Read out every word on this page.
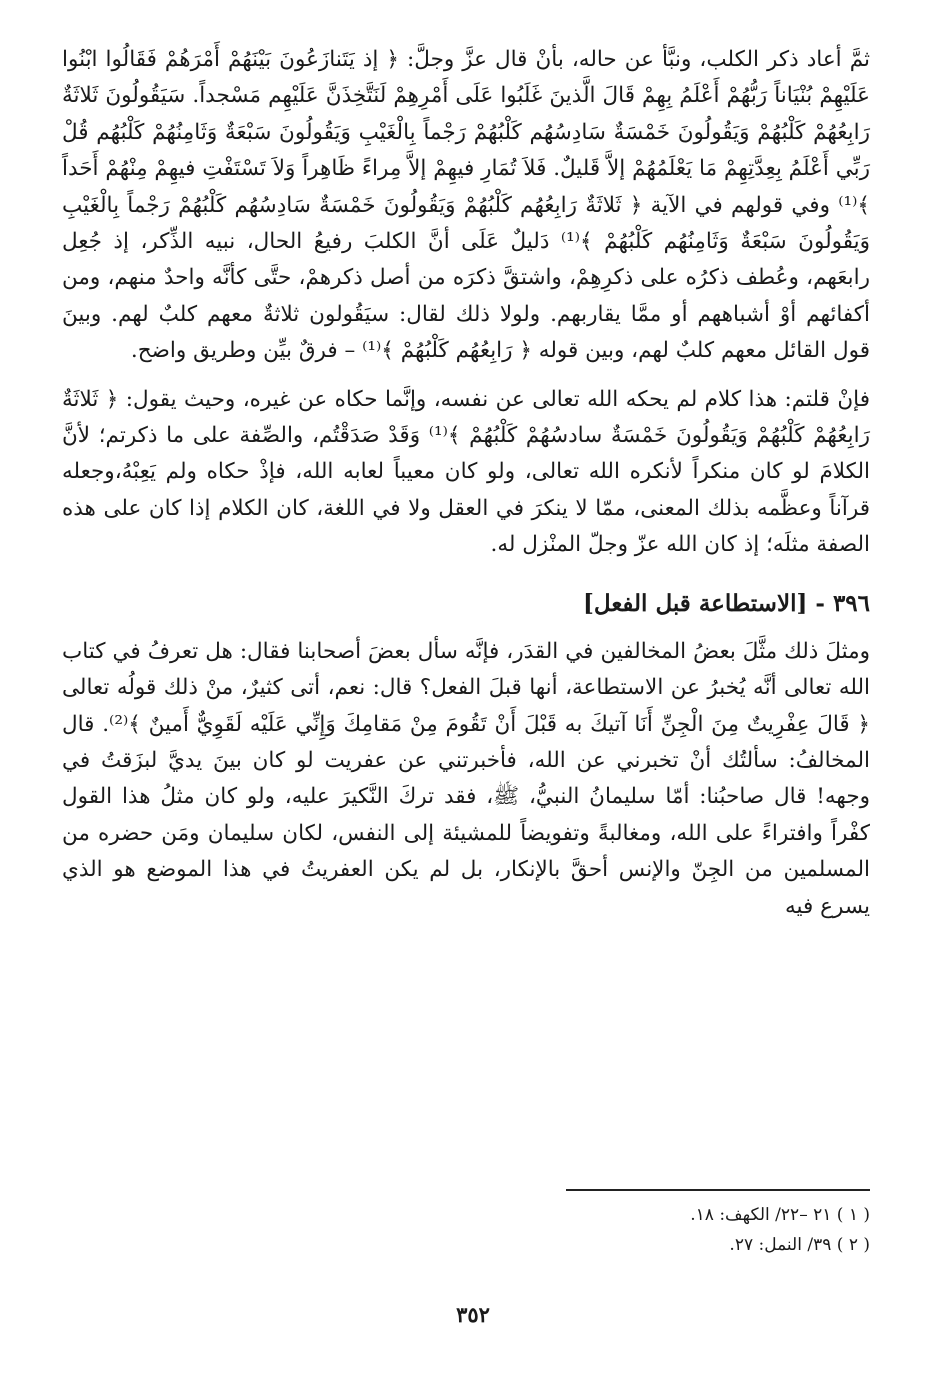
ثمَّ أعاد ذكر الكلب، ونبَّأ عن حاله، بأنْ قال عزَّ وجلَّ: ﴿ إذ يَتَنازَعُونَ بَيْنَهُمْ أَمْرَهُمْ فَقَالُوا ابْنُوا عَلَيْهِمْ بُنْيَاناً رَبُّهُمْ أَعْلَمُ بِهِمْ قَالَ الَّذينَ غَلَبُوا عَلَى أَمْرِهِمْ لَنَتَّخِذَنَّ عَلَيْهِم مَسْجداً. سَيَقُولُونَ ثَلاثَةٌ رَابِعُهُمْ كَلْبُهُمْ وَيَقُولُونَ خَمْسَةٌ سَادِسُهُم كَلْبُهُمْ رَجْماً بِالْغَيْبِ وَيَقُولُونَ سَبْعَةٌ وَثَامِنُهُمْ كَلْبُهُم قُلْ رَبِّي أَعْلَمُ بِعِدَّتِهِمْ مَا يَعْلَمُهُمْ إلاَّ قَليلٌ. فَلاَ تُمَارِ فيهِمْ إلاَّ مِراءً ظَاهِراً وَلاَ تَسْتَفْتِ فيهِمْ مِنْهُمْ أَحَداً ﴾⁽¹⁾ وفي قولهم في الآية ﴿ ثَلاثَةٌ رَابِعُهُم كَلْبُهُمْ وَيَقُولُونَ خَمْسَةٌ سَادِسُهُم كَلْبُهُمْ رَجْماً بِالْغَيْبِ وَيَقُولُونَ سَبْعَةٌ وَثَامِنُهُم كَلْبُهُمْ ﴾⁽¹⁾ دَليلٌ عَلَى أنَّ الكلبَ رفيعُ الحال، نبيه الذِّكر، إذ جُعِل رابعَهم، وعُطف ذكرُه على ذكرِهِمْ، واشتقَّ ذكرَه من أصل ذكرهمْ، حتَّى كأنَّه واحدٌ منهم، ومن أكفائهم أوْ أشباههم أو ممَّا يقاربهم. ولولا ذلك لقال: سيَقُولون ثلاثةٌ معهم كلبٌ لهم. وبينَ قول القائل معهم كلبٌ لهم، وبين قوله ﴿ رَابِعُهُم كَلْبُهُمْ ﴾⁽¹⁾ – فرقٌ بيِّن وطريق واضح.

فإنْ قلتم: هذا كلام لم يحكه الله تعالى عن نفسه، وإنَّما حكاه عن غيره، وحيث يقول: ﴿ ثَلاثَةٌ رَابِعُهُمْ كَلْبُهُمْ وَيَقُولُونَ خَمْسَةٌ سادسُهُمْ كَلْبُهُمْ ﴾⁽¹⁾ وَقَدْ صَدَقْتُم، والصِّفة على ما ذكرتم؛ لأنَّ الكلامَ لو كان منكراً لأنكره الله تعالى، ولو كان معيباً لعابه الله، فإذْ حكاه ولم يَعِبْهُ،وجعله قرآناً وعظَّمه بذلك المعنى، ممّا لا ينكرَ في العقل ولا في اللغة، كان الكلام إذا كان على هذه الصفة مثلَه؛ إذ كان الله عزّ وجلّ المنْزل له.

٣٩٦ - [الاستطاعة قبل الفعل]

ومثلَ ذلك مثَّلَ بعضُ المخالفين في القدَر، فإنَّه سأل بعضَ أصحابنا فقال: هل تعرفُ في كتاب الله تعالى أنَّه يُخبرُ عن الاستطاعة، أنها قبلَ الفعل؟ قال: نعم، أتى كثيرٌ، منْ ذلك قولُه تعالى ﴿ قَالَ عِفْرِيتٌ مِنَ الْجِنِّ أَنَا آتيكَ به قَبْلَ أَنْ تَقُومَ مِنْ مَقامِكَ وَإِنِّي عَلَيْه لَقَوِيٌّ أَمينٌ ﴾⁽²⁾. قال المخالفُ: سألتُك أنْ تخبرني عن الله، فأخبرتني عن عفريت لو كان بينَ يديَّ لبزَقتُ في وجهه! قال صاحبُنا: أمّا سليمانُ النبيُّ، ﷺ، فقد تركَ النَّكيرَ عليه، ولو كان مثلُ هذا القول كفْراً وافتراءً على الله، ومغالبةً وتفويضاً للمشيئة إلى النفس، لكان سليمان ومَن حضره من المسلمين من الجِنّ والإنس أحقَّ بالإنكار، بل لم يكن العفريتُ في هذا الموضع هو الذي يسرع فيه

( ١ ) ٢١ –٢٢/ الكهف: ١٨.

( ٢ ) ٣٩/ النمل: ٢٧.

٣٥٢
